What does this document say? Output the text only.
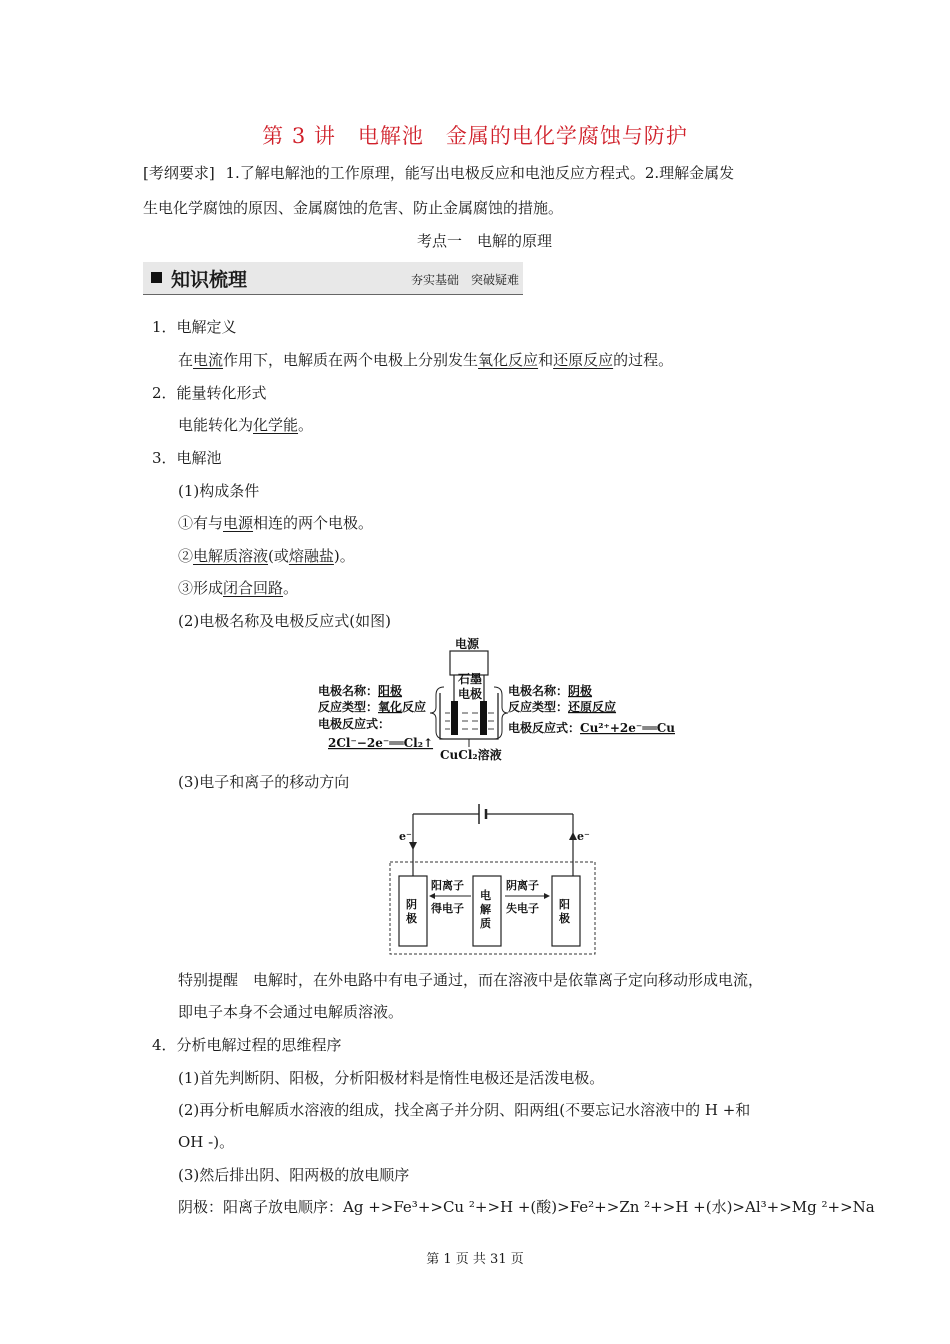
第 3 讲　电解池　金属的电化学腐蚀与防护
[考纲要求] 1.了解电解池的工作原理，能写出电极反应和电池反应方程式。2.理解金属发
生电化学腐蚀的原因、金属腐蚀的危害、防止金属腐蚀的措施。
考点一　电解的原理
知识梳理	夯实基础　突破疑难
1．电解定义
在电流作用下，电解质在两个电极上分别发生氧化反应和还原反应的过程。
2．能量转化形式
电能转化为化学能。
3．电解池
(1)构成条件
①有与电源相连的两个电极。
②电解质溶液(或熔融盐)。
③形成闭合回路。
(2)电极名称及电极反应式(如图)
电源
石墨
电极
CuCl₂溶液
电极名称：阳极
反应类型：氧化反应
电极反应式：
2Cl⁻−2e⁻══Cl₂↑
电极名称：阴极
反应类型：还原反应
电极反应式：Cu²⁺+2e⁻══Cu
(3)电子和离子的移动方向
e⁻	e⁻
阴
极
电
解
质
阳
极
阳离子
得电子
阴离子
失电子
特别提醒　电解时，在外电路中有电子通过，而在溶液中是依靠离子定向移动形成电流，
即电子本身不会通过电解质溶液。
4．分析电解过程的思维程序
(1)首先判断阴、阳极，分析阳极材料是惰性电极还是活泼电极。
(2)再分析电解质水溶液的组成，找全离子并分阴、阳两组(不要忘记水溶液中的 H +和
OH -)。
(3)然后排出阴、阳两极的放电顺序
阴极：阳离子放电顺序：Ag +>Fe³+>Cu ²+>H +(酸)>Fe²+>Zn ²+>H +(水)>Al³+>Mg ²+>Na
第 1 页 共 31 页
